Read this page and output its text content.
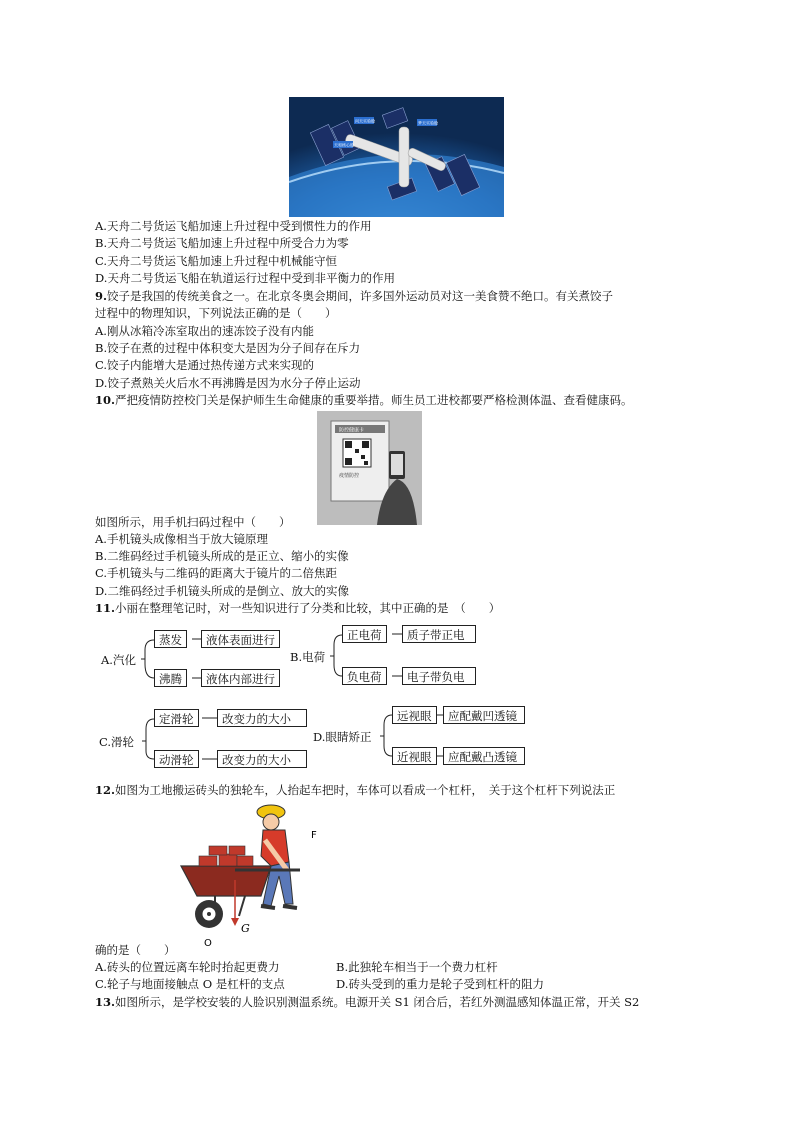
问天实验舱	梦天实验舱
天和核心舱
A.天舟二号货运飞船加速上升过程中受到惯性力的作用
B.天舟二号货运飞船加速上升过程中所受合力为零
C.天舟二号货运飞船加速上升过程中机械能守恒
D.天舟二号货运飞船在轨道运行过程中受到非平衡力的作用
9.饺子是我国的传统美食之一。在北京冬奥会期间，许多国外运动员对这一美食赞不绝口。有关煮饺子
过程中的物理知识，下列说法正确的是（　　）
A.刚从冰箱冷冻室取出的速冻饺子没有内能
B.饺子在煮的过程中体积变大是因为分子间存在斥力
C.饺子内能增大是通过热传递方式来实现的
D.饺子煮熟关火后水不再沸腾是因为水分子停止运动
10.严把疫情防控校门关是保护师生生命健康的重要举措。师生员工进校都要严格检测体温、查看健康码。
防控健康卡
疫情防控
如图所示，用手机扫码过程中（　　）
A.手机镜头成像相当于放大镜原理
B.二维码经过手机镜头所成的是正立、缩小的实像
C.手机镜头与二维码的距离大于镜片的二倍焦距
D.二维码经过手机镜头所成的是倒立、放大的实像
11.小丽在整理笔记时，对一些知识进行了分类和比较，其中正确的是　（　　）
A.汽化
蒸发	液体表面进行
沸腾	液体内部进行
B.电荷
正电荷	质子带正电
负电荷	电子带负电
C.滑轮
定滑轮	改变力的大小
动滑轮	改变力的大小
D.眼睛矫正
远视眼	应配戴凹透镜
近视眼	应配戴凸透镜
12.如图为工地搬运砖头的独轮车，人抬起车把时，车体可以看成一个杠杆，　关于这个杠杆下列说法正
G
O
F
确的是（　　）
A.砖头的位置远离车轮时抬起更费力	B.此独轮车相当于一个费力杠杆
C.轮子与地面接触点 O 是杠杆的支点	D.砖头受到的重力是轮子受到杠杆的阻力
13.如图所示，是学校安装的人脸识别测温系统。电源开关 S1 闭合后，若红外测温感知体温正常，开关 S2
